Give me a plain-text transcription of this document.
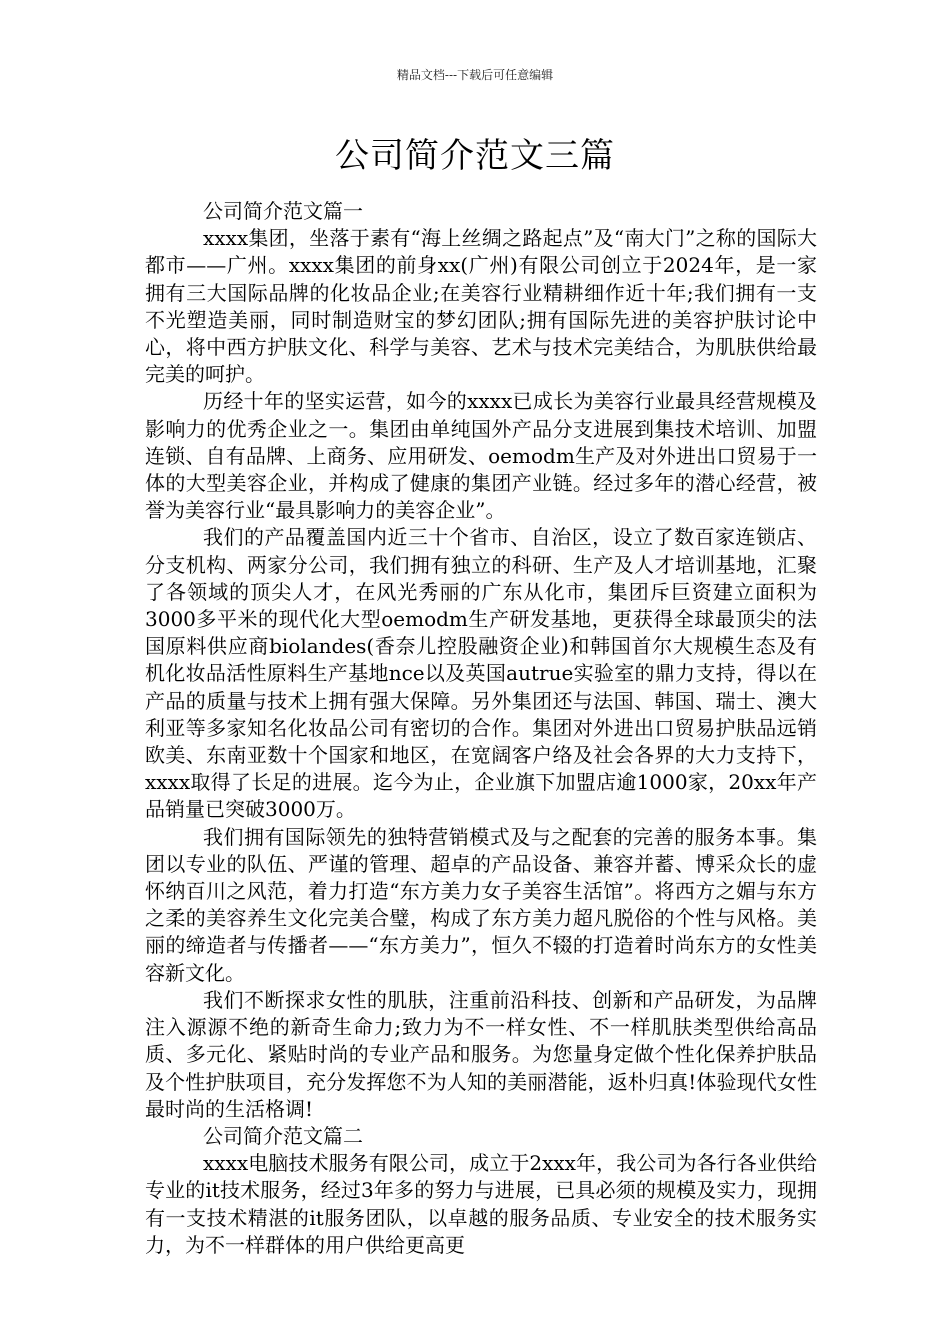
精品文档---下载后可任意编辑
公司简介范文三篇

公司简介范文篇一

xxxx集团，坐落于素有“海上丝绸之路起点”及“南大门”之称的国际大都市——广州。xxxx集团的前身xx(广州)有限公司创立于2024年，是一家拥有三大国际品牌的化妆品企业;在美容行业精耕细作近十年;我们拥有一支不光塑造美丽，同时制造财宝的梦幻团队;拥有国际先进的美容护肤讨论中心，将中西方护肤文化、科学与美容、艺术与技术完美结合，为肌肤供给最完美的呵护。

历经十年的坚实运营，如今的xxxx已成长为美容行业最具经营规模及影响力的优秀企业之一。集团由单纯国外产品分支进展到集技术培训、加盟连锁、自有品牌、上商务、应用研发、oemodm生产及对外进出口贸易于一体的大型美容企业，并构成了健康的集团产业链。经过多年的潜心经营，被誉为美容行业“最具影响力的美容企业”。

我们的产品覆盖国内近三十个省市、自治区，设立了数百家连锁店、分支机构、两家分公司，我们拥有独立的科研、生产及人才培训基地，汇聚了各领域的顶尖人才，在风光秀丽的广东从化市，集团斥巨资建立面积为3000多平米的现代化大型oemodm生产研发基地，更获得全球最顶尖的法国原料供应商biolandes(香奈儿控股融资企业)和韩国首尔大规模生态及有机化妆品活性原料生产基地nce以及英国autrue实验室的鼎力支持，得以在产品的质量与技术上拥有强大保障。另外集团还与法国、韩国、瑞士、澳大利亚等多家知名化妆品公司有密切的合作。集团对外进出口贸易护肤品远销欧美、东南亚数十个国家和地区，在宽阔客户络及社会各界的大力支持下，xxxx取得了长足的进展。迄今为止，企业旗下加盟店逾1000家，20xx年产品销量已突破3000万。

我们拥有国际领先的独特营销模式及与之配套的完善的服务本事。集团以专业的队伍、严谨的管理、超卓的产品设备、兼容并蓄、博采众长的虚怀纳百川之风范，着力打造“东方美力女子美容生活馆”。将西方之媚与东方之柔的美容养生文化完美合璧，构成了东方美力超凡脱俗的个性与风格。美丽的缔造者与传播者——“东方美力”，恒久不辍的打造着时尚东方的女性美容新文化。

我们不断探求女性的肌肤，注重前沿科技、创新和产品研发，为品牌注入源源不绝的新奇生命力;致力为不一样女性、不一样肌肤类型供给高品质、多元化、紧贴时尚的专业产品和服务。为您量身定做个性化保养护肤品及个性护肤项目，充分发挥您不为人知的美丽潜能，返朴归真!体验现代女性最时尚的生活格调!

公司简介范文篇二

xxxx电脑技术服务有限公司，成立于2xxx年，我公司为各行各业供给专业的it技术服务，经过3年多的努力与进展，已具必须的规模及实力，现拥有一支技术精湛的it服务团队，以卓越的服务品质、专业安全的技术服务实力，为不一样群体的用户供给更高更
